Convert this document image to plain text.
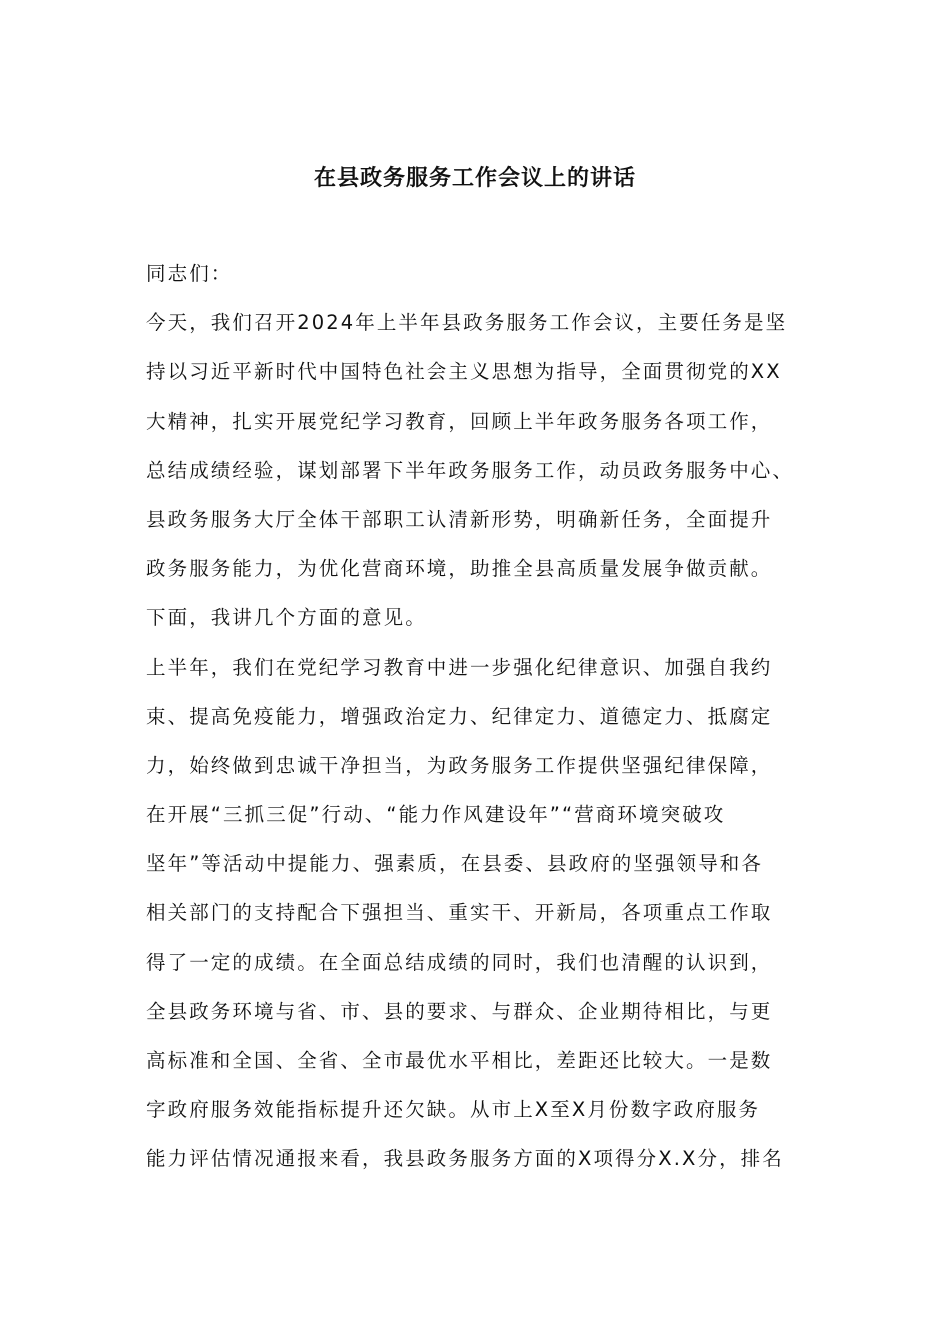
在县政务服务工作会议上的讲话
同志们：
今天，我们召开2024年上半年县政务服务工作会议，主要任务是坚
持以习近平新时代中国特色社会主义思想为指导，全面贯彻党的XX
大精神，扎实开展党纪学习教育，回顾上半年政务服务各项工作，
总结成绩经验，谋划部署下半年政务服务工作，动员政务服务中心、
县政务服务大厅全体干部职工认清新形势，明确新任务，全面提升
政务服务能力，为优化营商环境，助推全县高质量发展争做贡献。
下面，我讲几个方面的意见。
上半年，我们在党纪学习教育中进一步强化纪律意识、加强自我约
束、提高免疫能力，增强政治定力、纪律定力、道德定力、抵腐定
力，始终做到忠诚干净担当，为政务服务工作提供坚强纪律保障，
在开展“三抓三促”行动、“能力作风建设年”“营商环境突破攻
坚年”等活动中提能力、强素质，在县委、县政府的坚强领导和各
相关部门的支持配合下强担当、重实干、开新局，各项重点工作取
得了一定的成绩。在全面总结成绩的同时，我们也清醒的认识到，
全县政务环境与省、市、县的要求、与群众、企业期待相比，与更
高标准和全国、全省、全市最优水平相比，差距还比较大。一是数
字政府服务效能指标提升还欠缺。从市上X至X月份数字政府服务
能力评估情况通报来看，我县政务服务方面的X项得分X.X分，排名
